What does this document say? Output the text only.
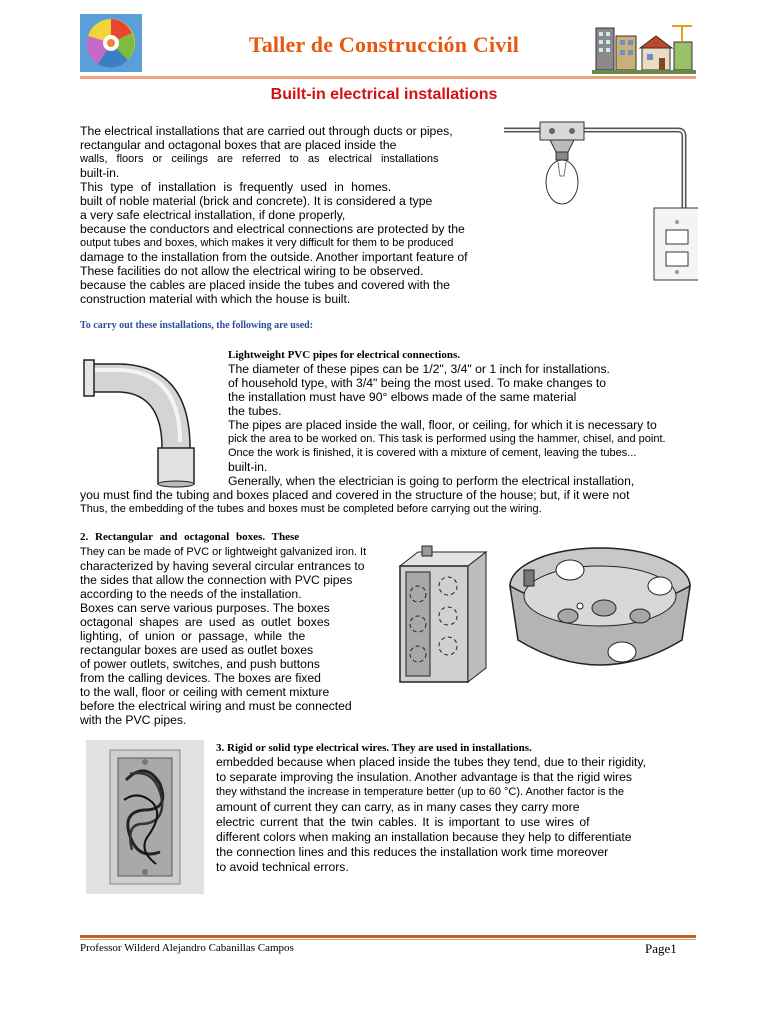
Taller de Construcción Civil
Built-in electrical installations
The electrical installations that are carried out through ducts or pipes,
rectangular and octagonal boxes that are placed inside the
walls, floors or ceilings are referred to as electrical installations
built-in.
This type of installation is frequently used in homes.
built of noble material (brick and concrete). It is considered a type
a very safe electrical installation, if done properly,
because the conductors and electrical connections are protected by the
output tubes and boxes, which makes it very difficult for them to be produced
damage to the installation from the outside. Another important feature of
These facilities do not allow the electrical wiring to be observed.
because the cables are placed inside the tubes and covered with the
construction material with which the house is built.
To carry out these installations, the following are used:
Lightweight PVC pipes for electrical connections.
The diameter of these pipes can be 1/2", 3/4" or 1 inch for installations.
of household type, with 3/4" being the most used. To make changes to
the installation must have 90° elbows made of the same material
the tubes.
The pipes are placed inside the wall, floor, or ceiling, for which it is necessary to
pick the area to be worked on. This task is performed using the hammer, chisel, and point.
Once the work is finished, it is covered with a mixture of cement, leaving the tubes...
built-in.
Generally, when the electrician is going to perform the electrical installation,
you must find the tubing and boxes placed and covered in the structure of the house; but, if it were not
Thus, the embedding of the tubes and boxes must be completed before carrying out the wiring.
2. Rectangular and octagonal boxes. These
They can be made of PVC or lightweight galvanized iron. It
characterized by having several circular entrances to
the sides that allow the connection with PVC pipes
according to the needs of the installation.
Boxes can serve various purposes. The boxes
octagonal shapes are used as outlet boxes
lighting, of union or passage, while the
rectangular boxes are used as outlet boxes
of power outlets, switches, and push buttons
from the calling devices. The boxes are fixed
to the wall, floor or ceiling with cement mixture
before the electrical wiring and must be connected
with the PVC pipes.
3. Rigid or solid type electrical wires. They are used in installations.
embedded because when placed inside the tubes they tend, due to their rigidity,
to separate improving the insulation. Another advantage is that the rigid wires
they withstand the increase in temperature better (up to 60 °C). Another factor is the
amount of current they can carry, as in many cases they carry more
electric current that the twin cables. It is important to use wires of
different colors when making an installation because they help to differentiate
the connection lines and this reduces the installation work time moreover
to avoid technical errors.
Professor Wilderd Alejandro Cabanillas Campos	Page1
